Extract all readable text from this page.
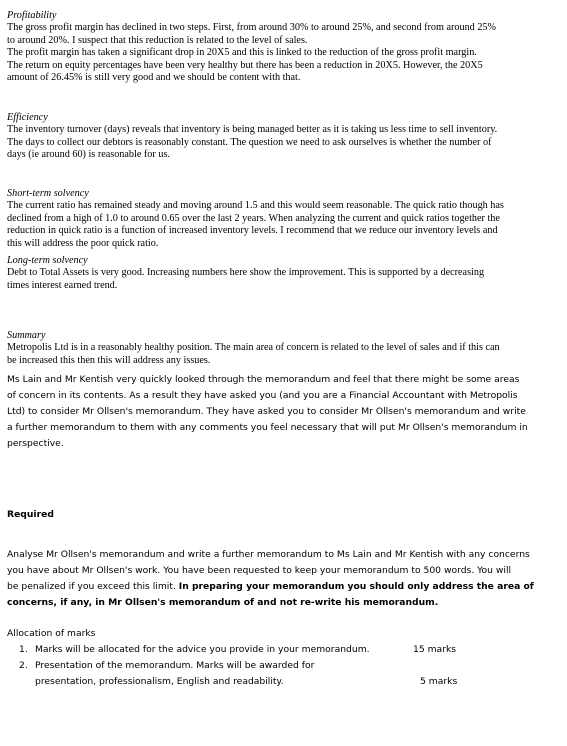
Profitability
The gross profit margin has declined in two steps. First, from around 30% to around 25%, and second from around 25%
to around 20%. I suspect that this reduction is related to the level of sales.
The profit margin has taken a significant drop in 20X5 and this is linked to the reduction of the gross profit margin.
The return on equity percentages have been very healthy but there has been a reduction in 20X5. However, the 20X5
amount of 26.45% is still very good and we should be content with that.
Efficiency
The inventory turnover (days) reveals that inventory is being managed better as it is taking us less time to sell inventory.
The days to collect our debtors is reasonably constant. The question we need to ask ourselves is whether the number of
days (ie around 60) is reasonable for us.
Short-term solvency
The current ratio has remained steady and moving around 1.5 and this would seem reasonable. The quick ratio though has
declined from a high of 1.0 to around 0.65 over the last 2 years. When analyzing the current and quick ratios together the
reduction in quick ratio is a function of increased inventory levels. I recommend that we reduce our inventory levels and
this will address the poor quick ratio.
Long-term solvency
Debt to Total Assets is very good. Increasing numbers here show the improvement. This is supported by a decreasing
times interest earned trend.
Summary
Metropolis Ltd is in a reasonably healthy position. The main area of concern is related to the level of sales and if this can
be increased this then this will address any issues.
Ms Lain and Mr Kentish very quickly looked through the memorandum and feel that there might be some areas
of concern in its contents. As a result they have asked you (and you are a Financial Accountant with Metropolis
Ltd) to consider Mr Ollsen's memorandum. They have asked you to consider Mr Ollsen's memorandum and write
a further memorandum to them with any comments you feel necessary that will put Mr Ollsen's memorandum in
perspective.
Required
Analyse Mr Ollsen's memorandum and write a further memorandum to Ms Lain and Mr Kentish with any concerns
you have about Mr Ollsen's work. You have been requested to keep your memorandum to 500 words. You will
be penalized if you exceed this limit. In preparing your memorandum you should only address the area of
concerns, if any, in Mr Ollsen's memorandum of and not re-write his memorandum.
Allocation of marks
1. Marks will be allocated for the advice you provide in your memorandum.	15 marks
2. Presentation of the memorandum. Marks will be awarded for
presentation, professionalism, English and readability.	5 marks
